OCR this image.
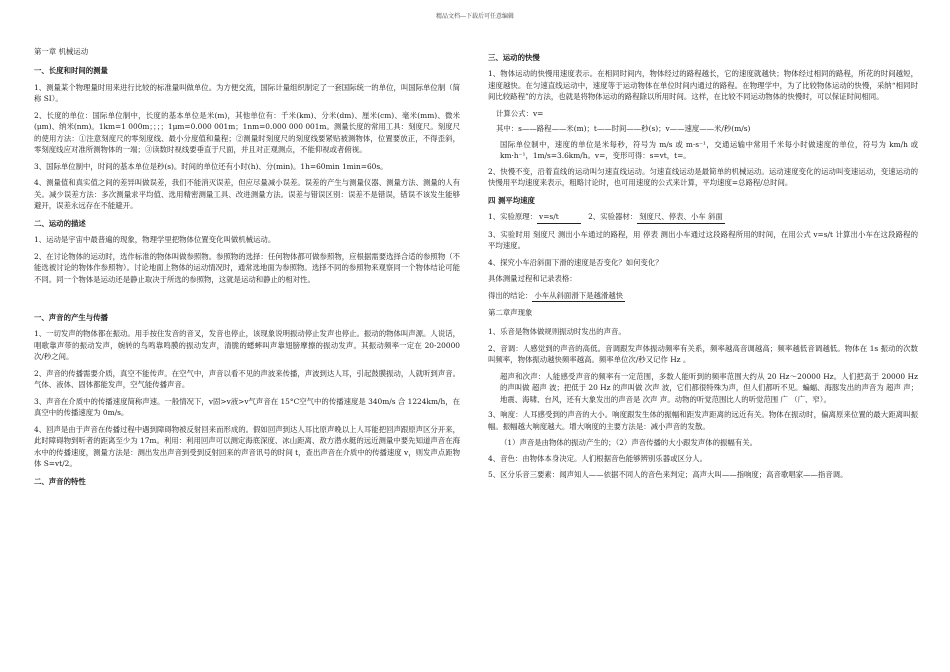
精品文档---下载后可任意编辑
第一章 机械运动
一、长度和时间的测量
1、测量某个物理量时用来进行比较的标准量叫做单位。为方便交流，国际计量组织制定了一套国际统一的单位，叫国际单位制（简称 SI）。
2、长度的单位：国际单位制中，长度的基本单位是米(m)，其他单位有：千米(km)、分米(dm)、厘米(cm)、毫米(mm)、微米(μm)、纳米(nm)。1km=1 000m；；；；1μm=0.000 001m；1nm=0.000 000 001m。测量长度的常用工具：刻度尺。刻度尺的使用方法：①注意刻度尺的零刻度线、最小分度值和量程；②测量时刻度尺的刻度线要紧贴被测物体，位置要放正，不得歪斜，零刻度线应对准所测物体的一端；③读数时视线要垂直于尺面，并且对正观测点，不能仰视或者俯视。
3、国际单位制中，时间的基本单位是秒(s)。时间的单位还有小时(h)、分(min)。1h=60min 1min=60s。
4、测量值和真实值之间的差异叫做误差，我们不能消灭误差，但应尽量减小误差。误差的产生与测量仪器、测量方法、测量的人有关。减少误差方法：多次测量求平均值、选用精密测量工具、改进测量方法。误差与错误区别：误差不是错误，错误不该发生能够避开，误差永远存在不能避开。
二、运动的描述
1、运动是宇宙中最普遍的现象，物理学里把物体位置变化叫做机械运动。
2、在讨论物体的运动时，选作标准的物体叫做参照物。参照物的选择：任何物体都可做参照物，应根据需要选择合适的参照物（不能选被讨论的物体作参照物）。讨论地面上物体的运动情况时，通常选地面为参照物。选择不同的参照物来观察同一个物体结论可能不同。同一个物体是运动还是静止取决于所选的参照物，这就是运动和静止的相对性。
一、声音的产生与传播
1、一切发声的物体都在振动。用手按住发音的音叉，发音也停止，该现象说明振动停止发声也停止。振动的物体叫声源。人说话，唱歌靠声带的振动发声，婉转的鸟鸣靠鸣膜的振动发声，清脆的蟋蟀叫声靠翅膀摩擦的振动发声。其振动频率一定在 20-20000 次/秒之间。
2、声音的传播需要介质，真空不能传声。在空气中，声音以看不见的声波来传播，声波到达人耳，引起鼓膜振动，人就听到声音。气体、液体、固体都能发声，空气能传播声音。
3、声音在介质中的传播速度简称声速。一般情况下，v固>v液>v气声音在 15°C空气中的传播速度是 340m/s 合 1224km/h，在真空中的传播速度为 0m/s。
4、回声是由于声音在传播过程中遇到障碍物被反射回来而形成的。假如回声到达人耳比原声晚以上人耳能把回声跟原声区分开来，此时障碍物到听者的距离至少为 17m。利用：利用回声可以测定海底深度、冰山距离、敌方潜水艇的远近测量中要先知道声音在海水中的传播速度，测量方法是：测出发出声音到受到反射回来的声音讯号的时间 t，查出声音在介质中的传播速度 v，则发声点距物体 S=vt/2。
二、声音的特性
三、运动的快慢
1、物体运动的快慢用速度表示。在相同时间内，物体经过的路程越长，它的速度就越快；物体经过相同的路程，所花的时间越短，速度越快。在匀速直线运动中，速度等于运动物体在单位时间内通过的路程。在物理学中，为了比较物体运动的快慢，采纳“相同时间比较路程”的方法，也就是将物体运动的路程除以所用时间。这样，在比较不同运动物体的快慢时，可以保证时间相同。
计算公式：v=
其中：s——路程——米(m)；t——时间——秒(s)；v——速度——米/秒(m/s)
国际单位制中，速度的单位是米每秒，符号为 m/s 或 m·s⁻¹，交通运输中常用千米每小时做速度的单位，符号为 km/h 或 km·h⁻¹，1m/s=3.6km/h。v=，变形可得：s=vt，t=。
2、快慢不变，沿着直线的运动叫匀速直线运动。匀速直线运动是最简单的机械运动。运动速度变化的运动叫变速运动，变速运动的快慢用平均速度来表示，粗略讨论时，也可用速度的公式来计算，平均速度=总路程/总时间。
四 测平均速度
1、实验原理： v=s/t	2、实验器材： 刻度尺、停表、小车 斜面
3、实验时用 刻度尺 测出小车通过的路程，用 停表 测出小车通过这段路程所用的时间，在用公式 v=s/t 计算出小车在这段路程的平均速度。
4、探究小车沿斜面下滑的速度是否变化？如何变化？
具体测量过程和记录表格：
得出的结论： 小车从斜面滑下是越滑越快
第二章声现象
1、乐音是物体做规则振动时发出的声音。
2、音调：人感觉到的声音的高低。音调跟发声体振动频率有关系，频率越高音调越高；频率越低音调越低。物体在 1s 振动的次数叫频率，物体振动越快频率越高。频率单位次/秒又记作 Hz 。
超声和次声：人能感受声音的频率有一定范围，多数人能听到的频率范围大约从 20 Hz～20000 Hz。人们把高于 20000 Hz 的声叫做 超声 波；把低于 20 Hz 的声叫做 次声 波，它们都很特殊为声，但人们都听不见。蝙蝠、海豚发出的声音为 超声 声；地震、海啸、台风，还有大象发出的声音是 次声 声。动物的听觉范围比人的听觉范围 广 （广、窄）。
3、响度：人耳感受到的声音的大小。响度跟发生体的振幅和距发声距离的远近有关。物体在振动时，偏离原来位置的最大距离叫振幅。振幅越大响度越大。增大响度的主要方法是：减小声音的发散。
（1）声音是由物体的振动产生的；（2）声音传播的大小跟发声体的振幅有关。
4、音色：由物体本身决定。人们根据音色能够辨别乐器或区分人。
5、区分乐音三要素：闻声知人——依据不同人的音色来判定；高声大叫——指响度；高音歌唱家——指音调。
